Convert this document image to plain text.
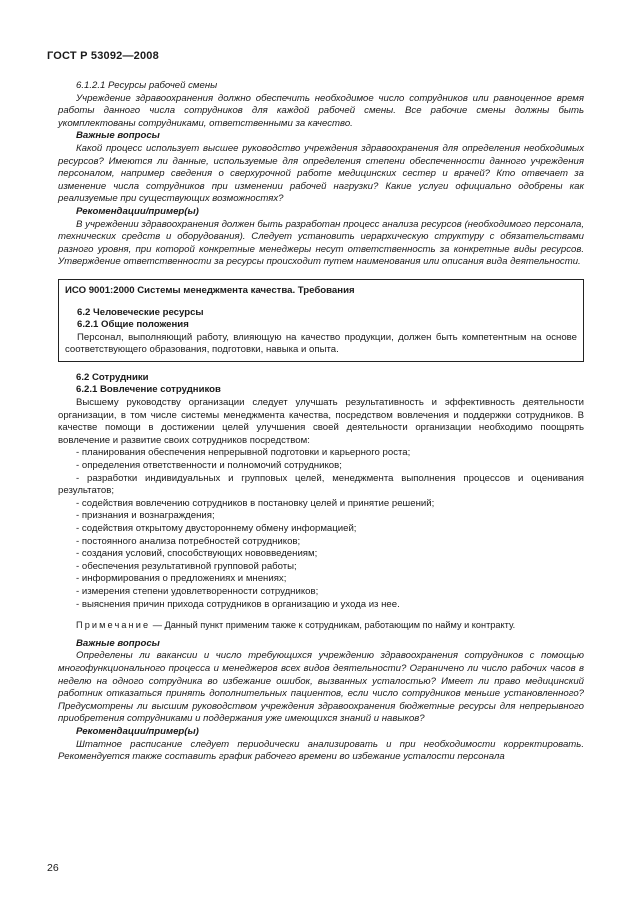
ГОСТ Р 53092—2008

6.1.2.1 Ресурсы рабочей смены

Учреждение здравоохранения должно обеспечить необходимое число сотрудников или равноценное время работы данного числа сотрудников для каждой рабочей смены. Все рабочие смены должны быть укомплектованы сотрудниками, ответственными за качество.

Важные вопросы

Какой процесс использует высшее руководство учреждения здравоохранения для определения необходимых ресурсов? Имеются ли данные, используемые для определения степени обеспеченности данного учреждения персоналом, например сведения о сверхурочной работе медицинских сестер и врачей? Кто отвечает за изменение числа сотрудников при изменении рабочей нагрузки? Какие услуги официально одобрены как реализуемые при существующих возможностях?

Рекомендации/пример(ы)

В учреждении здравоохранения должен быть разработан процесс анализа ресурсов (необходимого персонала, технических средств и оборудования). Следует установить иерархическую структуру с обязательствами разного уровня, при которой конкретные менеджеры несут ответственность за конкретные виды ресурсов. Утверждение ответственности за ресурсы происходит путем наименования или описания вида деятельности.

ИСО 9001:2000 Системы менеджмента качества. Требования

6.2 Человеческие ресурсы

6.2.1 Общие положения

Персонал, выполняющий работу, влияющую на качество продукции, должен быть компетентным на основе соответствующего образования, подготовки, навыка и опыта.

6.2 Сотрудники

6.2.1 Вовлечение сотрудников

Высшему руководству организации следует улучшать результативность и эффективность деятельности организации, в том числе системы менеджмента качества, посредством вовлечения и поддержки сотрудников. В качестве помощи в достижении целей улучшения своей деятельности организации необходимо поощрять вовлечение и развитие своих сотрудников посредством:

- планирования обеспечения непрерывной подготовки и карьерного роста;
- определения ответственности и полномочий сотрудников;
- разработки индивидуальных и групповых целей, менеджмента выполнения процессов и оценивания результатов;
- содействия вовлечению сотрудников в постановку целей и принятие решений;
- признания и вознаграждения;
- содействия открытому двустороннему обмену информацией;
- постоянного анализа потребностей сотрудников;
- создания условий, способствующих нововведениям;
- обеспечения результативной групповой работы;
- информирования о предложениях и мнениях;
- измерения степени удовлетворенности сотрудников;
- выяснения причин прихода сотрудников в организацию и ухода из нее.

Примечание — Данный пункт применим также к сотрудникам, работающим по найму и контракту.

Важные вопросы

Определены ли вакансии и число требующихся учреждению здравоохранения сотрудников с помощью многофункционального процесса и менеджеров всех видов деятельности? Ограничено ли число рабочих часов в неделю на одного сотрудника во избежание ошибок, вызванных усталостью? Имеет ли право медицинский работник отказаться принять дополнительных пациентов, если число сотрудников меньше установленного? Предусмотрены ли высшим руководством учреждения здравоохранения бюджетные ресурсы для непрерывного приобретения сотрудниками и поддержания уже имеющихся знаний и навыков?

Рекомендации/пример(ы)

Штатное расписание следует периодически анализировать и при необходимости корректировать. Рекомендуется также составить график рабочего времени во избежание усталости персонала

26
